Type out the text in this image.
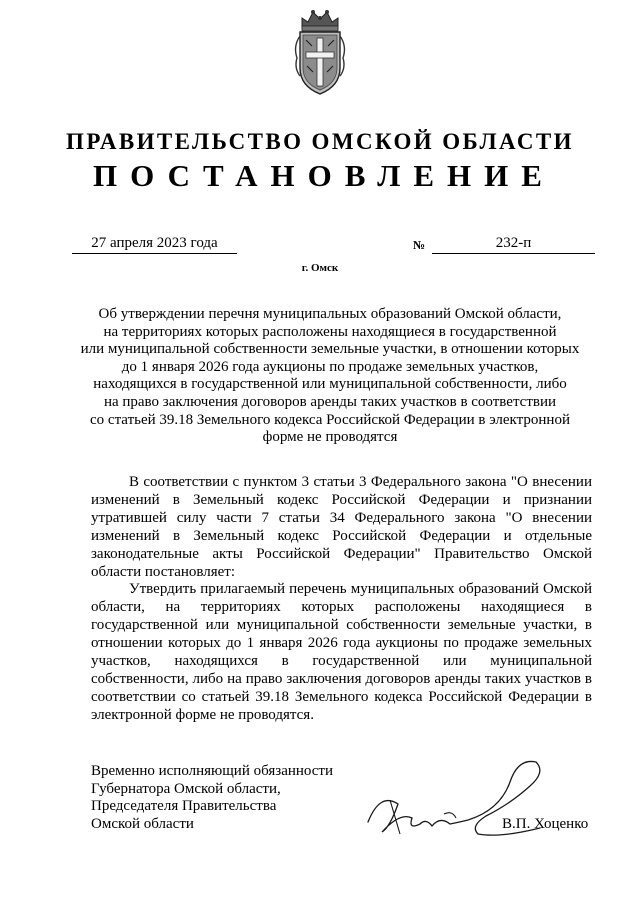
ПРАВИТЕЛЬСТВО ОМСКОЙ ОБЛАСТИ
ПОСТАНОВЛЕНИЕ
27 апреля 2023 года	№	232-п
г. Омск
Об утверждении перечня муниципальных образований Омской области,
на территориях которых расположены находящиеся в государственной
или муниципальной собственности земельные участки, в отношении которых
до 1 января 2026 года аукционы по продаже земельных участков,
находящихся в государственной или муниципальной собственности, либо
на право заключения договоров аренды таких участков в соответствии
со статьей 39.18 Земельного кодекса Российской Федерации в электронной
форме не проводятся
В соответствии с пунктом 3 статьи 3 Федерального закона "О внесении
изменений в Земельный кодекс Российской Федерации и признании
утратившей силу части 7 статьи 34 Федерального закона "О внесении
изменений в Земельный кодекс Российской Федерации и отдельные
законодательные акты Российской Федерации" Правительство Омской
области постановляет:
Утвердить прилагаемый перечень муниципальных образований Омской
области, на территориях которых расположены находящиеся в
государственной или муниципальной собственности земельные участки, в
отношении которых до 1 января 2026 года аукционы по продаже земельных
участков, находящихся в государственной или муниципальной
собственности, либо на право заключения договоров аренды таких участков в
соответствии со статьей 39.18 Земельного кодекса Российской Федерации в
электронной форме не проводятся.
Временно исполняющий обязанности
Губернатора Омской области,
Председателя Правительства
Омской области	В.П. Хоценко
